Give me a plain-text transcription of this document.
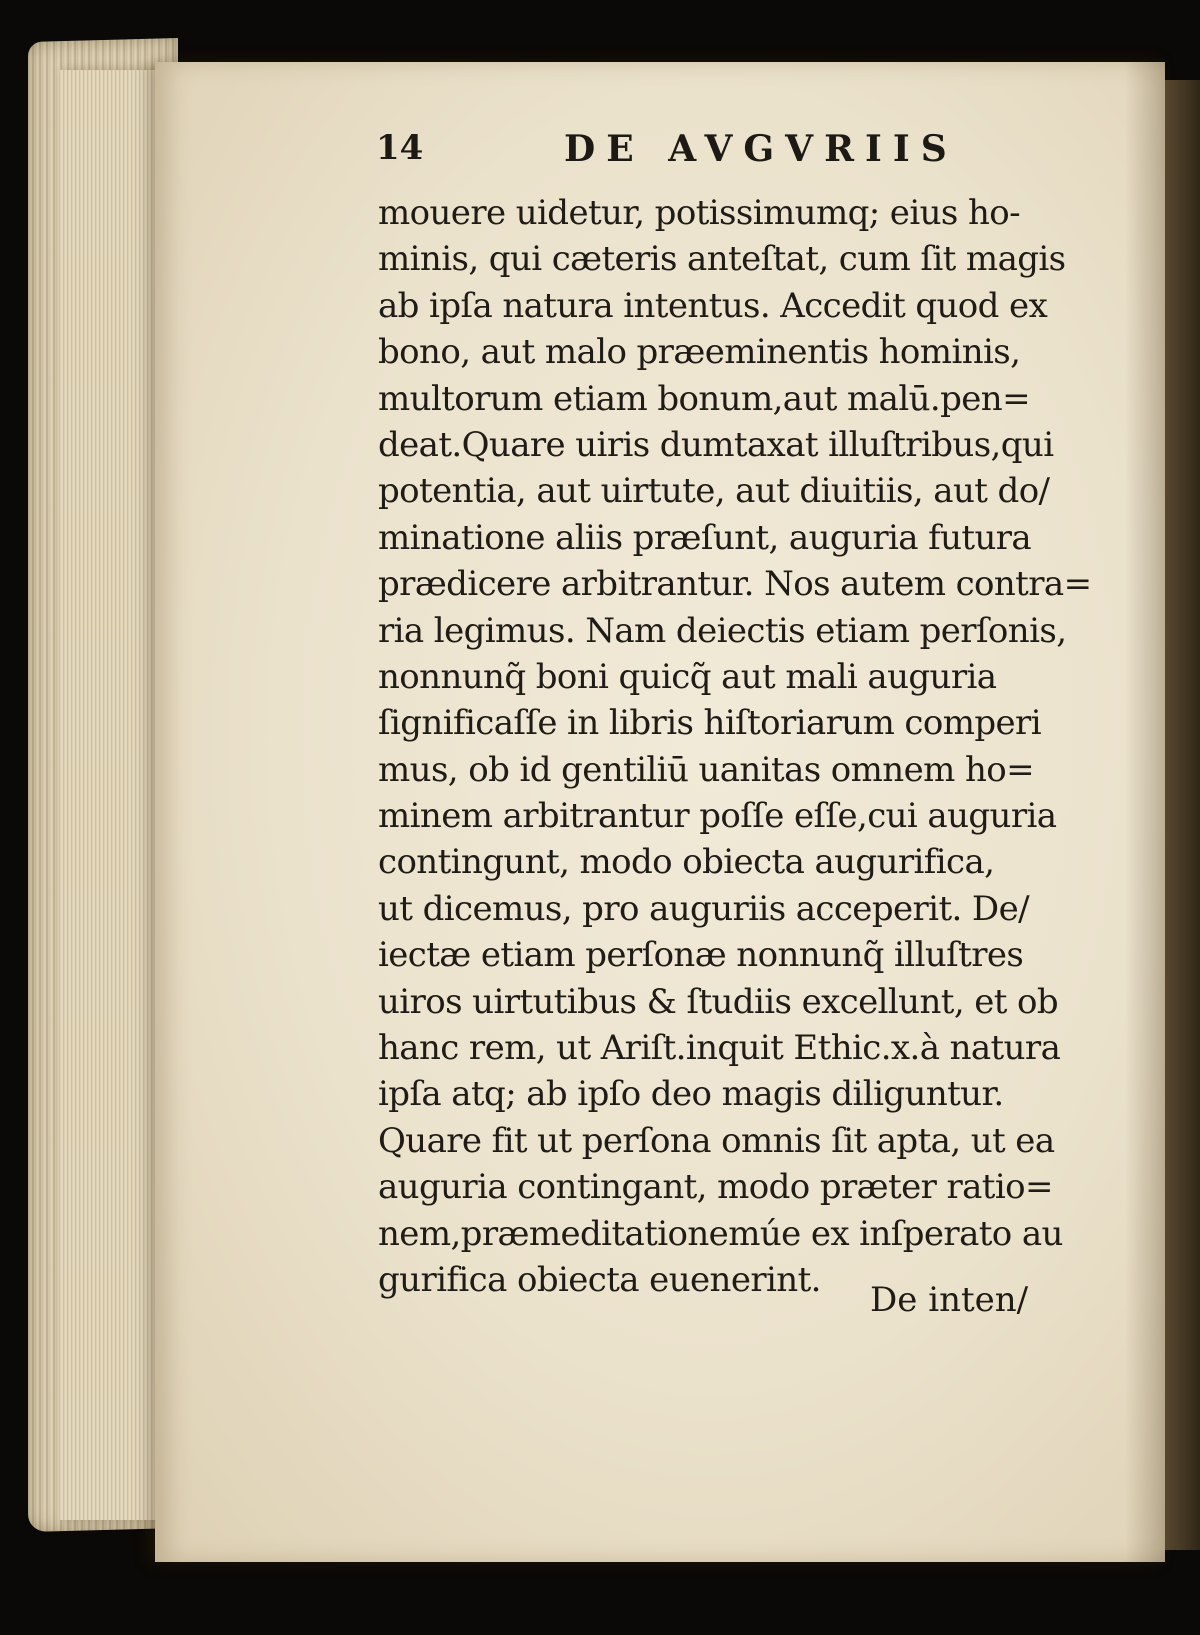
14	DE AVGVRIIS
mouere uidetur, potissimumq; eius ho-
minis, qui cæteris anteſtat, cum ſit magis
ab ipſa natura intentus. Accedit quod ex
bono, aut malo præeminentis hominis,
multorum etiam bonum,aut malū.pen=
deat.Quare uiris dumtaxat illuſtribus,qui
potentia, aut uirtute, aut diuitiis, aut do/
minatione aliis præſunt, auguria futura
prædicere arbitrantur. Nos autem contra=
ria legimus. Nam deiectis etiam perſonis,
nonnunq̃ boni quicq̃ aut mali auguria
ſignificaſſe in libris hiſtoriarum comperi
mus, ob id gentiliū uanitas omnem ho=
minem arbitrantur poſſe eſſe,cui auguria
contingunt, modo obiecta augurifica,
ut dicemus, pro auguriis acceperit. De/
iectæ etiam perſonæ nonnunq̃ illuſtres
uiros uirtutibus & ſtudiis excellunt, et ob
hanc rem, ut Ariſt.inquit Ethic.x.à natura
ipſa atq; ab ipſo deo magis diliguntur.
Quare fit ut perſona omnis ſit apta, ut ea
auguria contingant, modo præter ratio=
nem,præmeditationemúe ex inſperato au
gurifica obiecta euenerint.
De inten/
